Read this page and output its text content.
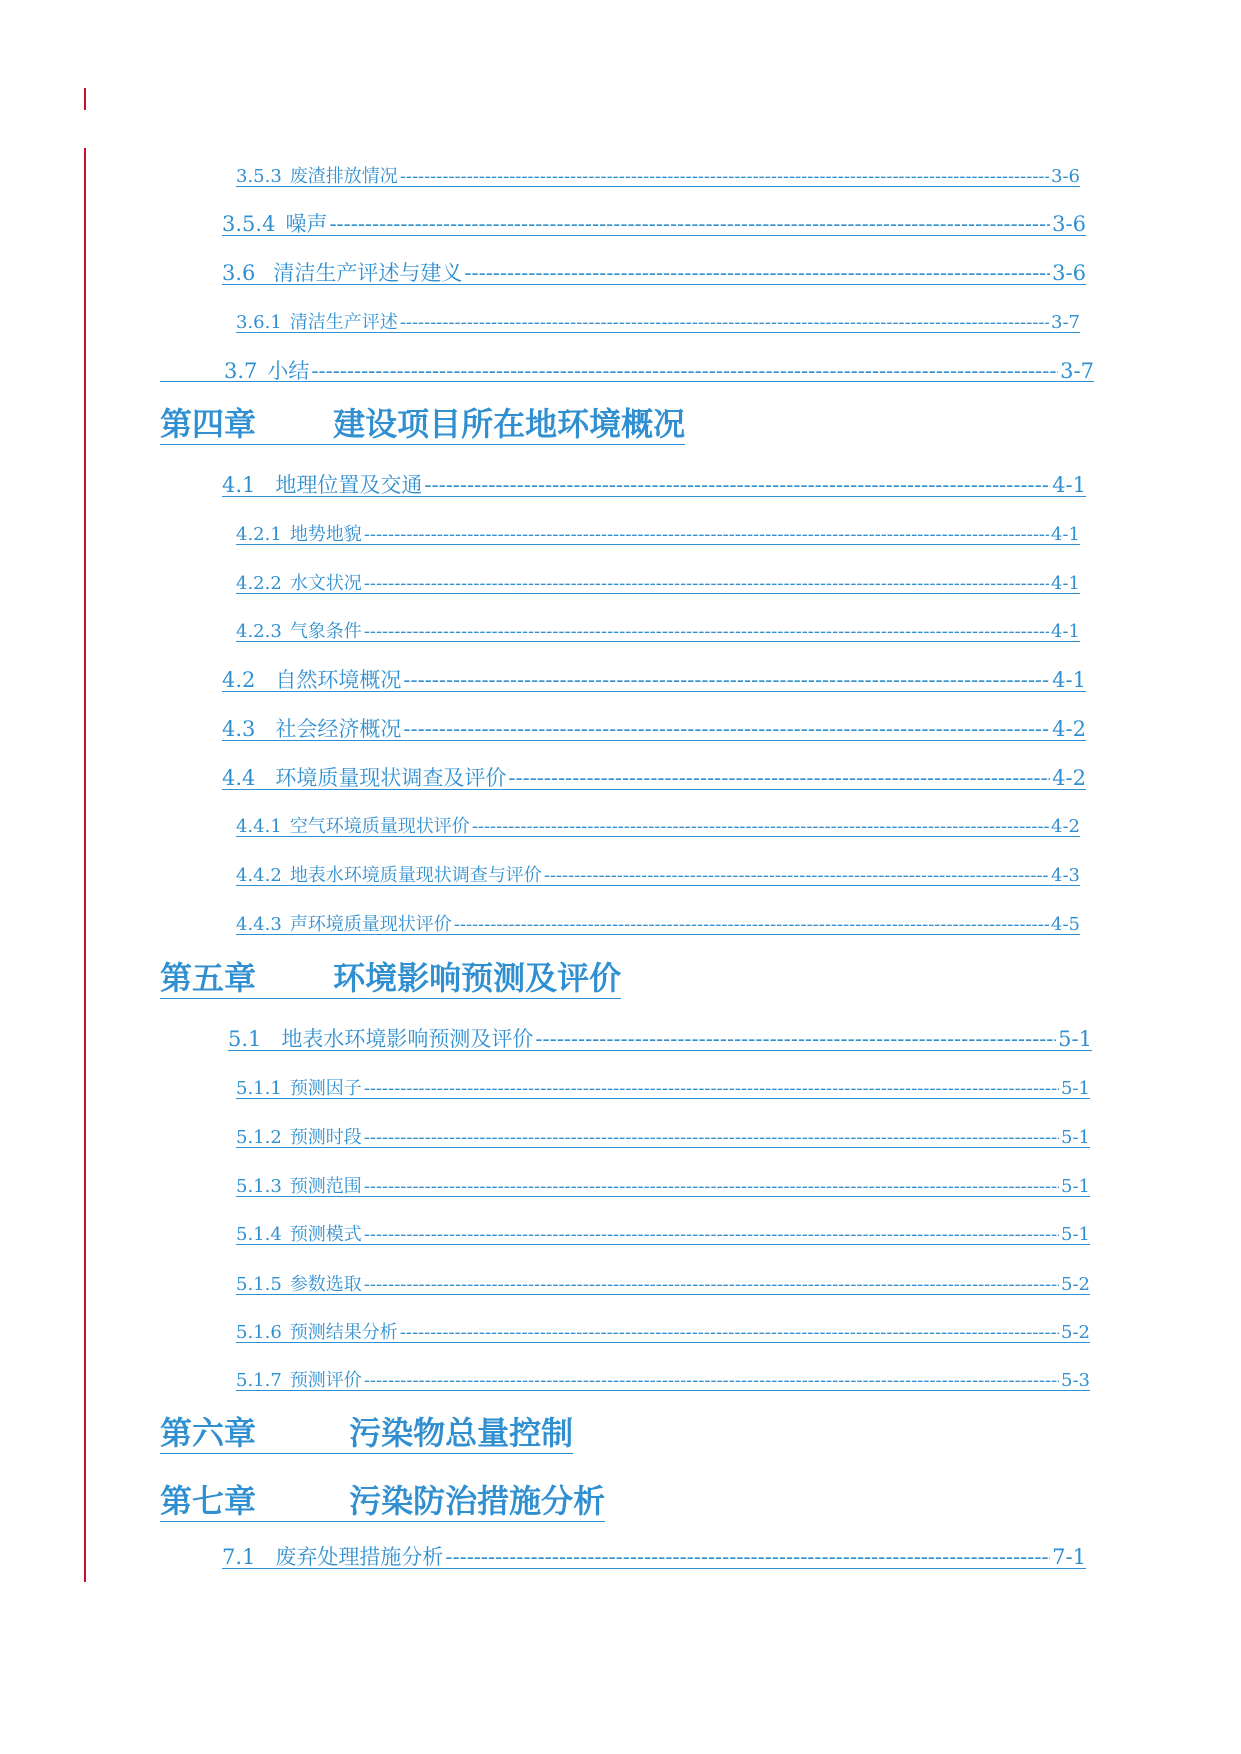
3.5.3 废渣排放情况 -----	3-6
3.5.4 噪声 -----	3-6
3.6 清洁生产评述与建义 -----	3-6
3.6.1 清洁生产评述 -----	3-7
3.7 小结 -----	3-7
第四章 建设项目所在地环境概况
4.1 地理位置及交通 -----	4-1
4.2.1 地势地貌 -----	4-1
4.2.2 水文状况 -----	4-1
4.2.3 气象条件 -----	4-1
4.2 自然环境概况 -----	4-1
4.3 社会经济概况 -----	4-2
4.4 环境质量现状调查及评价 -----	4-2
4.4.1 空气环境质量现状评价 -----	4-2
4.4.2 地表水环境质量现状调查与评价 -----	4-3
4.4.3 声环境质量现状评价 -----	4-5
第五章 环境影响预测及评价
5.1 地表水环境影响预测及评价 -----	5-1
5.1.1 预测因子 -----	5-1
5.1.2 预测时段 -----	5-1
5.1.3 预测范围 -----	5-1
5.1.4 预测模式 -----	5-1
5.1.5 参数选取 -----	5-2
5.1.6 预测结果分析 -----	5-2
5.1.7 预测评价 -----	5-3
第六章	污染物总量控制
第七章	污染防治措施分析
7.1 废弃处理措施分析 -----	7-1
